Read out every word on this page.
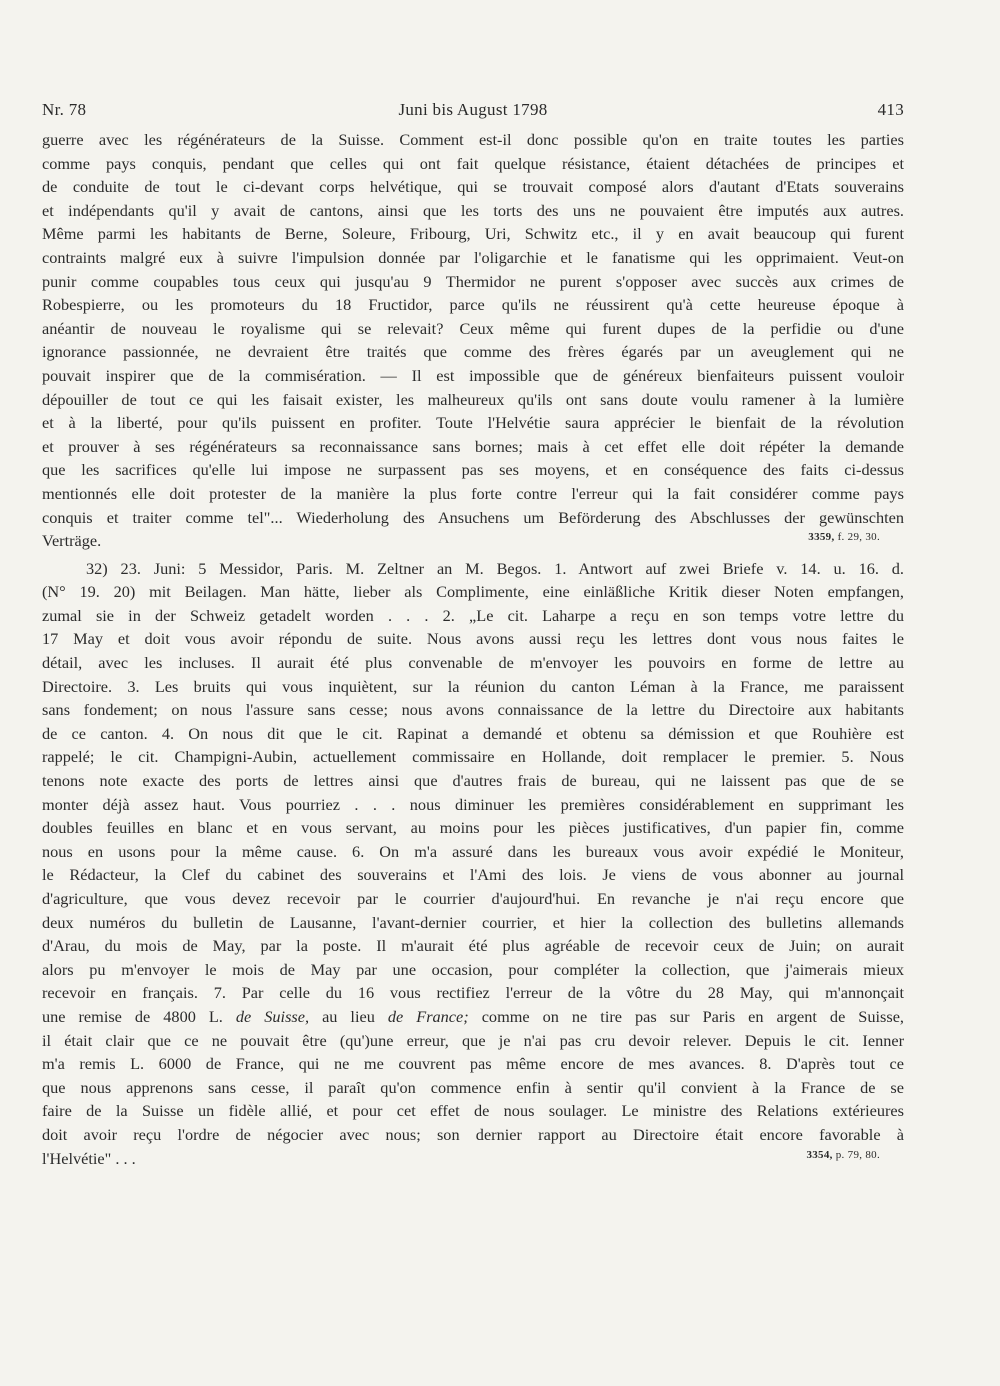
Nr. 78	Juni bis August 1798	413
guerre avec les régénérateurs de la Suisse. Comment est-il donc possible qu'on en traite toutes les parties
comme pays conquis, pendant que celles qui ont fait quelque résistance, étaient détachées de principes et
de conduite de tout le ci-devant corps helvétique, qui se trouvait composé alors d'autant d'Etats souverains
et indépendants qu'il y avait de cantons, ainsi que les torts des uns ne pouvaient être imputés aux autres.
Même parmi les habitants de Berne, Soleure, Fribourg, Uri, Schwitz etc., il y en avait beaucoup qui furent
contraints malgré eux à suivre l'impulsion donnée par l'oligarchie et le fanatisme qui les opprimaient. Veut-on
punir comme coupables tous ceux qui jusqu'au 9 Thermidor ne purent s'opposer avec succès aux crimes de
Robespierre, ou les promoteurs du 18 Fructidor, parce qu'ils ne réussirent qu'à cette heureuse époque à
anéantir de nouveau le royalisme qui se relevait? Ceux même qui furent dupes de la perfidie ou d'une
ignorance passionnée, ne devraient être traités que comme des frères égarés par un aveuglement qui ne
pouvait inspirer que de la commisération. — Il est impossible que de généreux bienfaiteurs puissent vouloir
dépouiller de tout ce qui les faisait exister, les malheureux qu'ils ont sans doute voulu ramener à la lumière
et à la liberté, pour qu'ils puissent en profiter. Toute l'Helvétie saura apprécier le bienfait de la révolution
et prouver à ses régénérateurs sa reconnaissance sans bornes; mais à cet effet elle doit répéter la demande
que les sacrifices qu'elle lui impose ne surpassent pas ses moyens, et en conséquence des faits ci-dessus
mentionnés elle doit protester de la manière la plus forte contre l'erreur qui la fait considérer comme pays
conquis et traiter comme tel"... Wiederholung des Ansuchens um Beförderung des Abschlusses der gewünschten
Verträge.	3359, f. 29, 30.
32) 23. Juni: 5 Messidor, Paris. M. Zeltner an M. Begos. 1. Antwort auf zwei Briefe v. 14. u. 16. d.
(N° 19. 20) mit Beilagen. Man hätte, lieber als Complimente, eine einläßliche Kritik dieser Noten empfangen,
zumal sie in der Schweiz getadelt worden . . . 2. „Le cit. Laharpe a reçu en son temps votre lettre du
17 May et doit vous avoir répondu de suite. Nous avons aussi reçu les lettres dont vous nous faites le
détail, avec les incluses. Il aurait été plus convenable de m'envoyer les pouvoirs en forme de lettre au
Directoire. 3. Les bruits qui vous inquiètent, sur la réunion du canton Léman à la France, me paraissent
sans fondement; on nous l'assure sans cesse; nous avons connaissance de la lettre du Directoire aux habitants
de ce canton. 4. On nous dit que le cit. Rapinat a demandé et obtenu sa démission et que Rouhière est
rappelé; le cit. Champigni-Aubin, actuellement commissaire en Hollande, doit remplacer le premier. 5. Nous
tenons note exacte des ports de lettres ainsi que d'autres frais de bureau, qui ne laissent pas que de se
monter déjà assez haut. Vous pourriez . . . nous diminuer les premières considérablement en supprimant les
doubles feuilles en blanc et en vous servant, au moins pour les pièces justificatives, d'un papier fin, comme
nous en usons pour la même cause. 6. On m'a assuré dans les bureaux vous avoir expédié le Moniteur,
le Rédacteur, la Clef du cabinet des souverains et l'Ami des lois. Je viens de vous abonner au journal
d'agriculture, que vous devez recevoir par le courrier d'aujourd'hui. En revanche je n'ai reçu encore que
deux numéros du bulletin de Lausanne, l'avant-dernier courrier, et hier la collection des bulletins allemands
d'Arau, du mois de May, par la poste. Il m'aurait été plus agréable de recevoir ceux de Juin; on aurait
alors pu m'envoyer le mois de May par une occasion, pour compléter la collection, que j'aimerais mieux
recevoir en français. 7. Par celle du 16 vous rectifiez l'erreur de la vôtre du 28 May, qui m'annonçait
une remise de 4800 L. de Suisse, au lieu de France; comme on ne tire pas sur Paris en argent de Suisse,
il était clair que ce ne pouvait être (qu')une erreur, que je n'ai pas cru devoir relever. Depuis le cit. Ienner
m'a remis L. 6000 de France, qui ne me couvrent pas même encore de mes avances. 8. D'après tout ce
que nous apprenons sans cesse, il paraît qu'on commence enfin à sentir qu'il convient à la France de se
faire de la Suisse un fidèle allié, et pour cet effet de nous soulager. Le ministre des Relations extérieures
doit avoir reçu l'ordre de négocier avec nous; son dernier rapport au Directoire était encore favorable à
l'Helvétie" . . .	3354, p. 79, 80.
